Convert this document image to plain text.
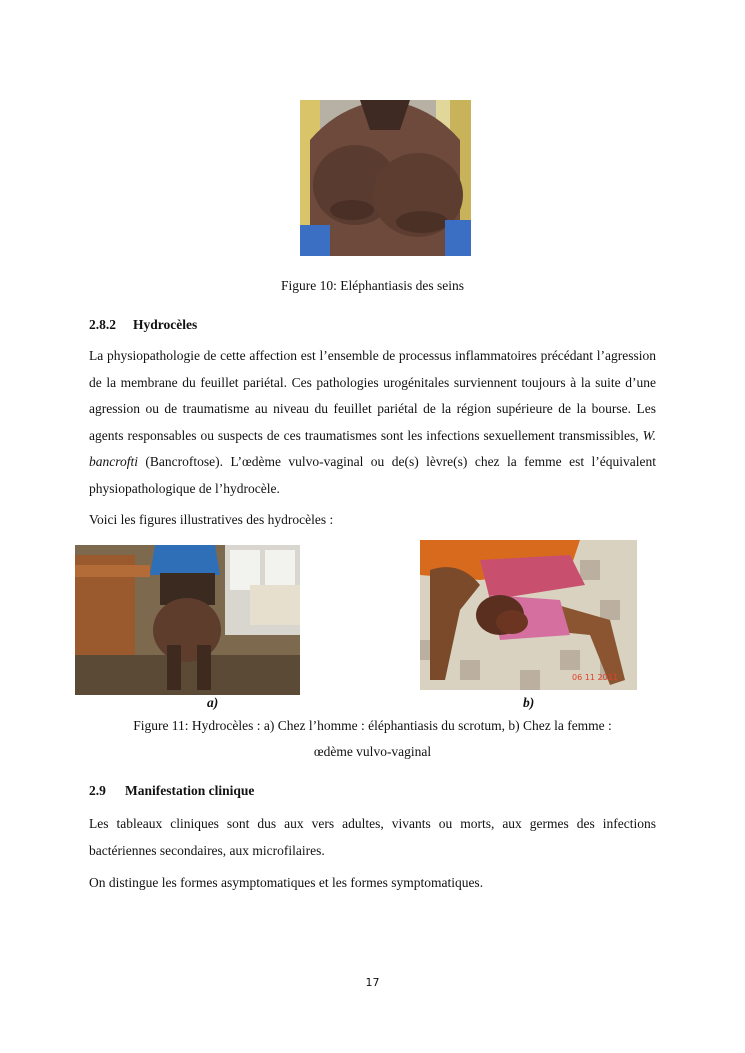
Figure 10: Eléphantiasis des seins
2.8.2 Hydrocèles
La physiopathologie de cette affection est l’ensemble de processus inflammatoires précédant l’agression de la membrane du feuillet pariétal. Ces pathologies urogénitales surviennent toujours à la suite d’une agression ou de traumatisme au niveau du feuillet pariétal de la région supérieure de la bourse. Les agents responsables ou suspects de ces traumatismes sont les infections sexuellement transmissibles, W. bancrofti (Bancroftose). L’œdème vulvo-vaginal ou de(s) lèvre(s) chez la femme est l’équivalent physiopathologique de l’hydrocèle.
Voici les figures illustratives des hydrocèles :
06 11 2011
a)	b)
Figure 11: Hydrocèles : a) Chez l’homme : éléphantiasis du scrotum, b) Chez la femme :
œdème vulvo-vaginal
2.9 Manifestation clinique
Les tableaux cliniques sont dus aux vers adultes, vivants ou morts, aux germes des infections bactériennes secondaires, aux microfilaires.
On distingue les formes asymptomatiques et les formes symptomatiques.
17
